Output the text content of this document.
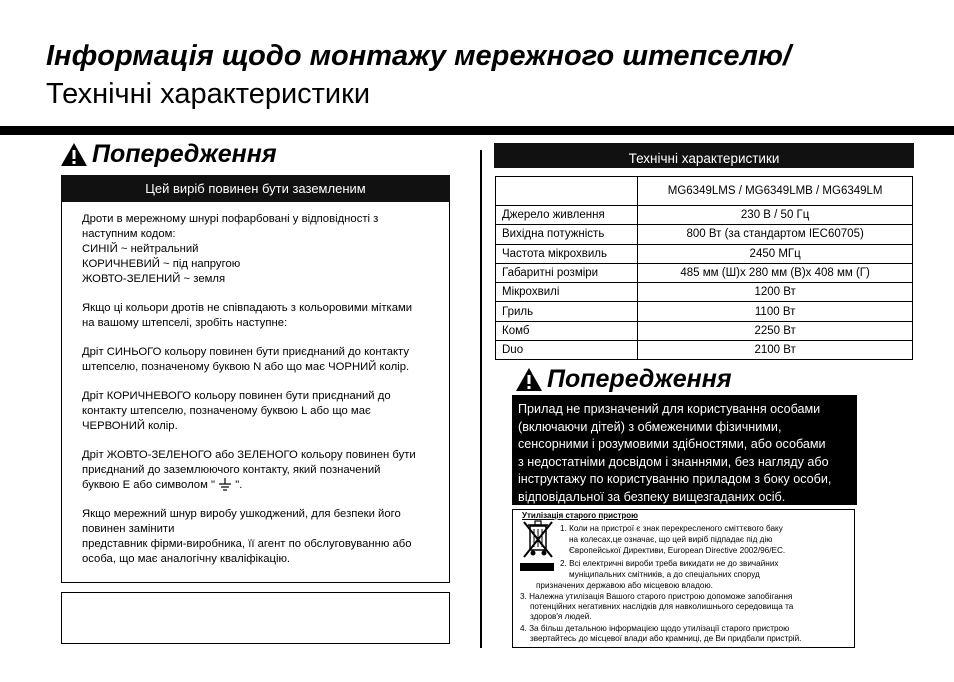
Інформація щодо монтажу мережного штепселю/
Технічні характеристики
Попередження
Цей виріб повинен бути заземленим

Дроти в мережному шнурі пофарбовані у відповідності з
наступним кодом:
СИНІЙ ~ нейтральний
КОРИЧНЕВИЙ ~ під напругою
ЖОВТО-ЗЕЛЕНИЙ ~ земля

Якщо ці кольори дротів не співпадають з кольоровими мітками
на вашому штепселі, зробіть наступне:

Дріт СИНЬОГО кольору повинен бути приєднаний до контакту
штепселю, позначеному буквою N або що має ЧОРНИЙ колір.

Дріт КОРИЧНЕВОГО кольору повинен бути приєднаний до
контакту штепселю, позначеному буквою L або що має
ЧЕРВОНИЙ колір.

Дріт ЖОВТО-ЗЕЛЕНОГО або ЗЕЛЕНОГО кольору повинен бути
приєднаний до заземлюючого контакту, який позначений
буквою Е або символом " ".

Якщо мережний шнур виробу ушкоджений, для безпеки його
повинен замінити
представник фірми-виробника, її агент по обслуговуванню або
особа, що має аналогічну кваліфікацію.

Технічні характеристики
	MG6349LMS / MG6349LMB / MG6349LM
Джерело живлення	230 В / 50 Гц
Вихідна потужність	800 Вт (за стандартом IEC60705)
Частота мікрохвиль	2450 МГц
Габаритні розміри	485 мм (Ш)x 280 мм (В)x 408 мм (Г)
Мікрохвилі	1200 Вт
Гриль	1100 Вт
Комб	2250 Вт
Duo	2100 Вт
Попередження
Прилад не призначений для користування особами
(включаючи дітей) з обмеженими фізичними,
сенсорними і розумовими здібностями, або особами
з недостатніми досвідом і знаннями, без нагляду або
інструктажу по користуванню приладом з боку особи,
відповідальної за безпеку вищезгаданих осіб.
Утилізація старого пристрою
1. Коли на пристрої є знак перекресленого сміттєвого баку
на колесах,це означає, що цей виріб підпадає під дію
Європейської Директиви, European Directive 2002/96/EC.
2. Всі електричні вироби треба викидати не до звичайних
муніципальних смітників, а до спеціальних споруд
призначених державою або місцевою владою.
3. Належна утилізація Вашого старого пристрою допоможе запобігання
потенційних негативних наслідків для навколишнього середовища та
здоров'я людей.
4. За більш детальною інформацією щодо утилізації старого пристрою
звертайтесь до місцевої влади або крамниці, де Ви придбали пристрій.
